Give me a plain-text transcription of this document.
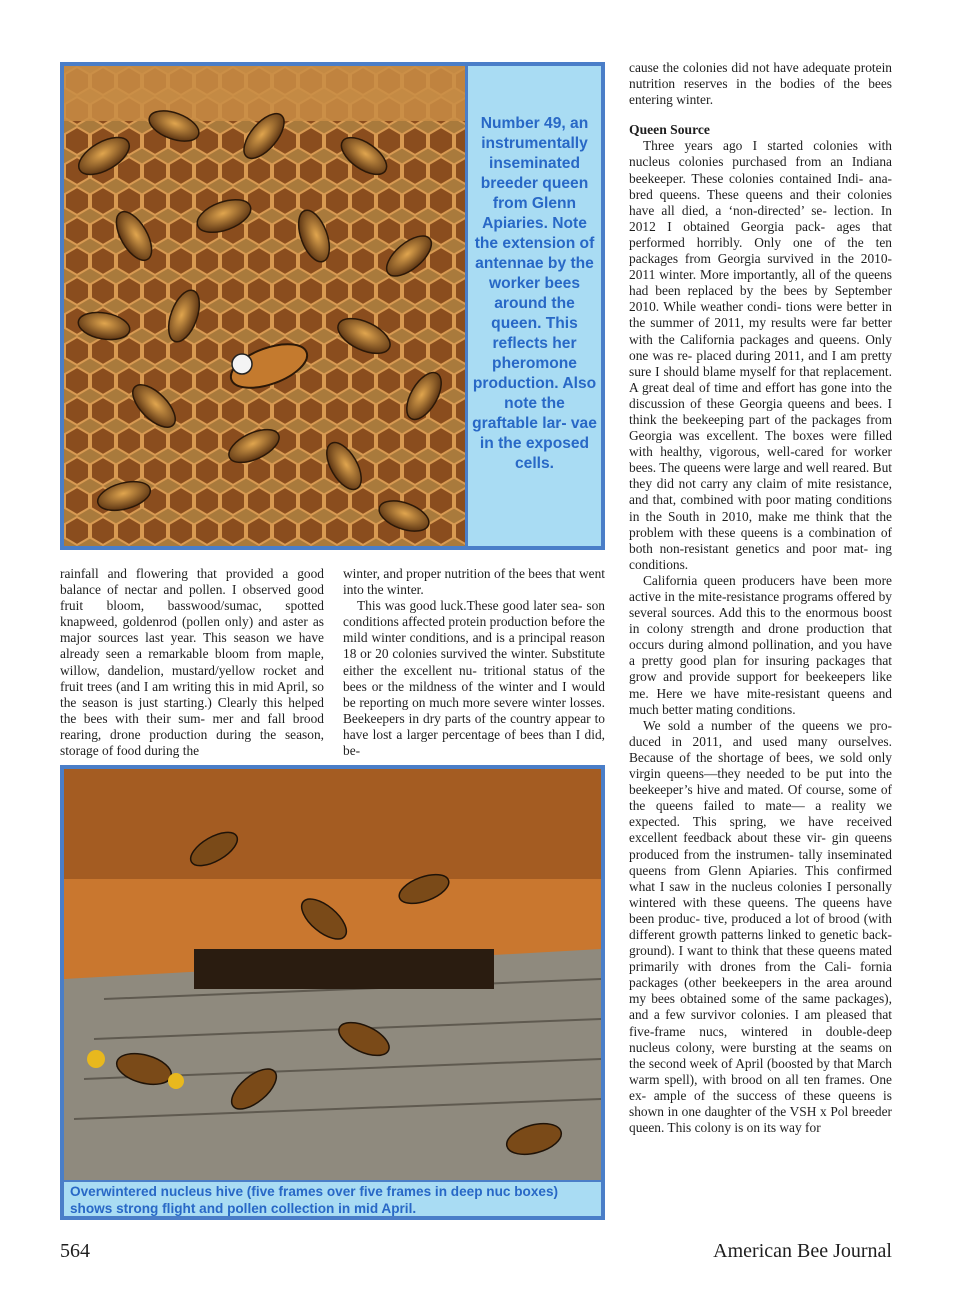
Number 49, an instrumentally inseminated breeder queen from Glenn Apiaries. Note the extension of antennae by the worker bees around the queen. This reflects her pheromone production. Also note the graftable lar- vae in the exposed cells.

rainfall and flowering that provided a good balance of nectar and pollen. I observed good fruit bloom, basswood/sumac, spotted knapweed, goldenrod (pollen only) and aster as major sources last year. This season we have already seen a remarkable bloom from maple, willow, dandelion, mustard/yellow rocket and fruit trees (and I am writing this in mid April, so the season is just starting.) Clearly this helped the bees with their sum- mer and fall brood rearing, drone production during the season, storage of food during the

winter, and proper nutrition of the bees that went into the winter.

This was good luck.These good later sea- son conditions affected protein production before the mild winter conditions, and is a principal reason 18 or 20 colonies survived the winter. Substitute either the excellent nu- tritional status of the bees or the mildness of the winter and I would be reporting on much more severe winter losses. Beekeepers in dry parts of the country appear to have lost a larger percentage of bees than I did, be-

cause the colonies did not have adequate protein nutrition reserves in the bodies of the bees entering winter.

Queen Source

Three years ago I started colonies with nucleus colonies purchased from an Indiana beekeeper. These colonies contained Indi- ana-bred queens. These queens and their colonies have all died, a ‘non-directed’ se- lection. In 2012 I obtained Georgia pack- ages that performed horribly. Only one of the ten packages from Georgia survived in the 2010-2011 winter. More importantly, all of the queens had been replaced by the bees by September 2010. While weather condi- tions were better in the summer of 2011, my results were far better with the California packages and queens. Only one was re- placed during 2011, and I am pretty sure I should blame myself for that replacement. A great deal of time and effort has gone into the discussion of these Georgia queens and bees. I think the beekeeping part of the packages from Georgia was excellent. The boxes were filled with healthy, vigorous, well-cared for worker bees. The queens were large and well reared. But they did not carry any claim of mite resistance, and that, combined with poor mating conditions in the South in 2010, make me think that the problem with these queens is a combination of both non-resistant genetics and poor mat- ing conditions.

California queen producers have been more active in the mite-resistance programs offered by several sources. Add this to the enormous boost in colony strength and drone production that occurs during almond pollination, and you have a pretty good plan for insuring packages that grow and provide support for beekeepers like me. Here we have mite-resistant queens and much better mating conditions.

We sold a number of the queens we pro- duced in 2011, and used many ourselves. Because of the shortage of bees, we sold only virgin queens—they needed to be put into the beekeeper’s hive and mated. Of course, some of the queens failed to mate— a reality we expected. This spring, we have received excellent feedback about these vir- gin queens produced from the instrumen- tally inseminated queens from Glenn Apiaries. This confirmed what I saw in the nucleus colonies I personally wintered with these queens. The queens have been produc- tive, produced a lot of brood (with different growth patterns linked to genetic back- ground). I want to think that these queens mated primarily with drones from the Cali- fornia packages (other beekeepers in the area around my bees obtained some of the same packages), and a few survivor colonies. I am pleased that five-frame nucs, wintered in double-deep nucleus colony, were bursting at the seams on the second week of April (boosted by that March warm spell), with brood on all ten frames. One ex- ample of the success of these queens is shown in one daughter of the VSH x Pol breeder queen. This colony is on its way for

Overwintered nucleus hive (five frames over five frames in deep nuc boxes) shows strong flight and pollen collection in mid April.
564	American Bee Journal
